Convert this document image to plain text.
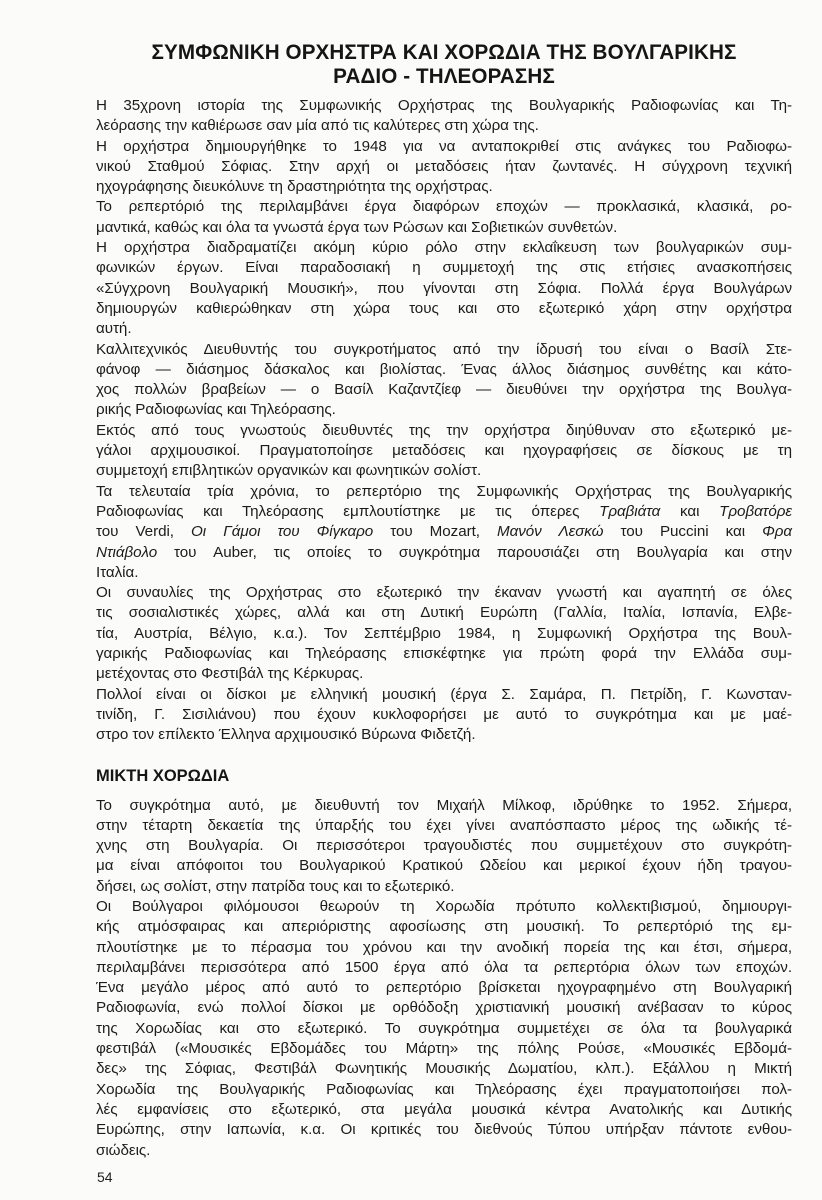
ΣΥΜΦΩΝΙΚΗ ΟΡΧΗΣΤΡΑ ΚΑΙ ΧΟΡΩΔΙΑ ΤΗΣ ΒΟΥΛΓΑΡΙΚΗΣ
ΡΑΔΙΟ - ΤΗΛΕΟΡΑΣΗΣ

Η 35χρονη ιστορία της Συμφωνικής Ορχήστρας της Βουλγαρικής Ραδιοφωνίας και Τη-
λεόρασης την καθιέρωσε σαν μία από τις καλύτερες στη χώρα της.

Η ορχήστρα δημιουργήθηκε το 1948 για να ανταποκριθεί στις ανάγκες του Ραδιοφω-
νικού Σταθμού Σόφιας. Στην αρχή οι μεταδόσεις ήταν ζωντανές. Η σύγχρονη τεχνική
ηχογράφησης διευκόλυνε τη δραστηριότητα της ορχήστρας.

Το ρεπερτόριό της περιλαμβάνει έργα διαφόρων εποχών — προκλασικά, κλασικά, ρο-
μαντικά, καθώς και όλα τα γνωστά έργα των Ρώσων και Σοβιετικών συνθετών.

Η ορχήστρα διαδραματίζει ακόμη κύριο ρόλο στην εκλαΐκευση των βουλγαρικών συμ-
φωνικών έργων. Είναι παραδοσιακή η συμμετοχή της στις ετήσιες ανασκοπήσεις
«Σύγχρονη Βουλγαρική Μουσική», που γίνονται στη Σόφια. Πολλά έργα Βουλγάρων
δημιουργών καθιερώθηκαν στη χώρα τους και στο εξωτερικό χάρη στην ορχήστρα
αυτή.

Καλλιτεχνικός Διευθυντής του συγκροτήματος από την ίδρυσή του είναι ο Βασίλ Στε-
φάνοφ — διάσημος δάσκαλος και βιολίστας. Ένας άλλος διάσημος συνθέτης και κάτο-
χος πολλών βραβείων — ο Βασίλ Καζαντζίεφ — διευθύνει την ορχήστρα της Βουλγα-
ρικής Ραδιοφωνίας και Τηλεόρασης.

Εκτός από τους γνωστούς διευθυντές της την ορχήστρα διηύθυναν στο εξωτερικό με-
γάλοι αρχιμουσικοί. Πραγματοποίησε μεταδόσεις και ηχογραφήσεις σε δίσκους με τη
συμμετοχή επιβλητικών οργανικών και φωνητικών σολίστ.

Τα τελευταία τρία χρόνια, το ρεπερτόριο της Συμφωνικής Ορχήστρας της Βουλγαρικής
Ραδιοφωνίας και Τηλεόρασης εμπλουτίστηκε με τις όπερες Τραβιάτα και Τροβατόρε
του Verdi, Οι Γάμοι του Φίγκαρο του Mozart, Μανόν Λεσκώ του Puccini και Φρα
Ντιάβολο του Auber, τις οποίες το συγκρότημα παρουσιάζει στη Βουλγαρία και στην
Ιταλία.

Οι συναυλίες της Ορχήστρας στο εξωτερικό την έκαναν γνωστή και αγαπητή σε όλες
τις σοσιαλιστικές χώρες, αλλά και στη Δυτική Ευρώπη (Γαλλία, Ιταλία, Ισπανία, Ελβε-
τία, Αυστρία, Βέλγιο, κ.α.). Τον Σεπτέμβριο 1984, η Συμφωνική Ορχήστρα της Βουλ-
γαρικής Ραδιοφωνίας και Τηλεόρασης επισκέφτηκε για πρώτη φορά την Ελλάδα συμ-
μετέχοντας στο Φεστιβάλ της Κέρκυρας.

Πολλοί είναι οι δίσκοι με ελληνική μουσική (έργα Σ. Σαμάρα, Π. Πετρίδη, Γ. Κωνσταν-
τινίδη, Γ. Σισιλιάνου) που έχουν κυκλοφορήσει με αυτό το συγκρότημα και με μαέ-
στρο τον επίλεκτο Έλληνα αρχιμουσικό Βύρωνα Φιδετζή.

ΜΙΚΤΗ ΧΟΡΩΔΙΑ

Το συγκρότημα αυτό, με διευθυντή τον Μιχαήλ Μίλκοφ, ιδρύθηκε το 1952. Σήμερα,
στην τέταρτη δεκαετία της ύπαρξής του έχει γίνει αναπόσπαστο μέρος της ωδικής τέ-
χνης στη Βουλγαρία. Οι περισσότεροι τραγουδιστές που συμμετέχουν στο συγκρότη-
μα είναι απόφοιτοι του Βουλγαρικού Κρατικού Ωδείου και μερικοί έχουν ήδη τραγου-
δήσει, ως σολίστ, στην πατρίδα τους και το εξωτερικό.

Οι Βούλγαροι φιλόμουσοι θεωρούν τη Χορωδία πρότυπο κολλεκτιβισμού, δημιουργι-
κής ατμόσφαιρας και απεριόριστης αφοσίωσης στη μουσική. Το ρεπερτόριό της εμ-
πλουτίστηκε με το πέρασμα του χρόνου και την ανοδική πορεία της και έτσι, σήμερα,
περιλαμβάνει περισσότερα από 1500 έργα από όλα τα ρεπερτόρια όλων των εποχών.
Ένα μεγάλο μέρος από αυτό το ρεπερτόριο βρίσκεται ηχογραφημένο στη Βουλγαρική
Ραδιοφωνία, ενώ πολλοί δίσκοι με ορθόδοξη χριστιανική μουσική ανέβασαν το κύρος
της Χορωδίας και στο εξωτερικό. Το συγκρότημα συμμετέχει σε όλα τα βουλγαρικά
φεστιβάλ («Μουσικές Εβδομάδες του Μάρτη» της πόλης Ρούσε, «Μουσικές Εβδομά-
δες» της Σόφιας, Φεστιβάλ Φωνητικής Μουσικής Δωματίου, κλπ.). Εξάλλου η Μικτή
Χορωδία της Βουλγαρικής Ραδιοφωνίας και Τηλεόρασης έχει πραγματοποιήσει πολ-
λές εμφανίσεις στο εξωτερικό, στα μεγάλα μουσικά κέντρα Ανατολικής και Δυτικής
Ευρώπης, στην Ιαπωνία, κ.α. Οι κριτικές του διεθνούς Τύπου υπήρξαν πάντοτε ενθου-
σιώδεις.

54
